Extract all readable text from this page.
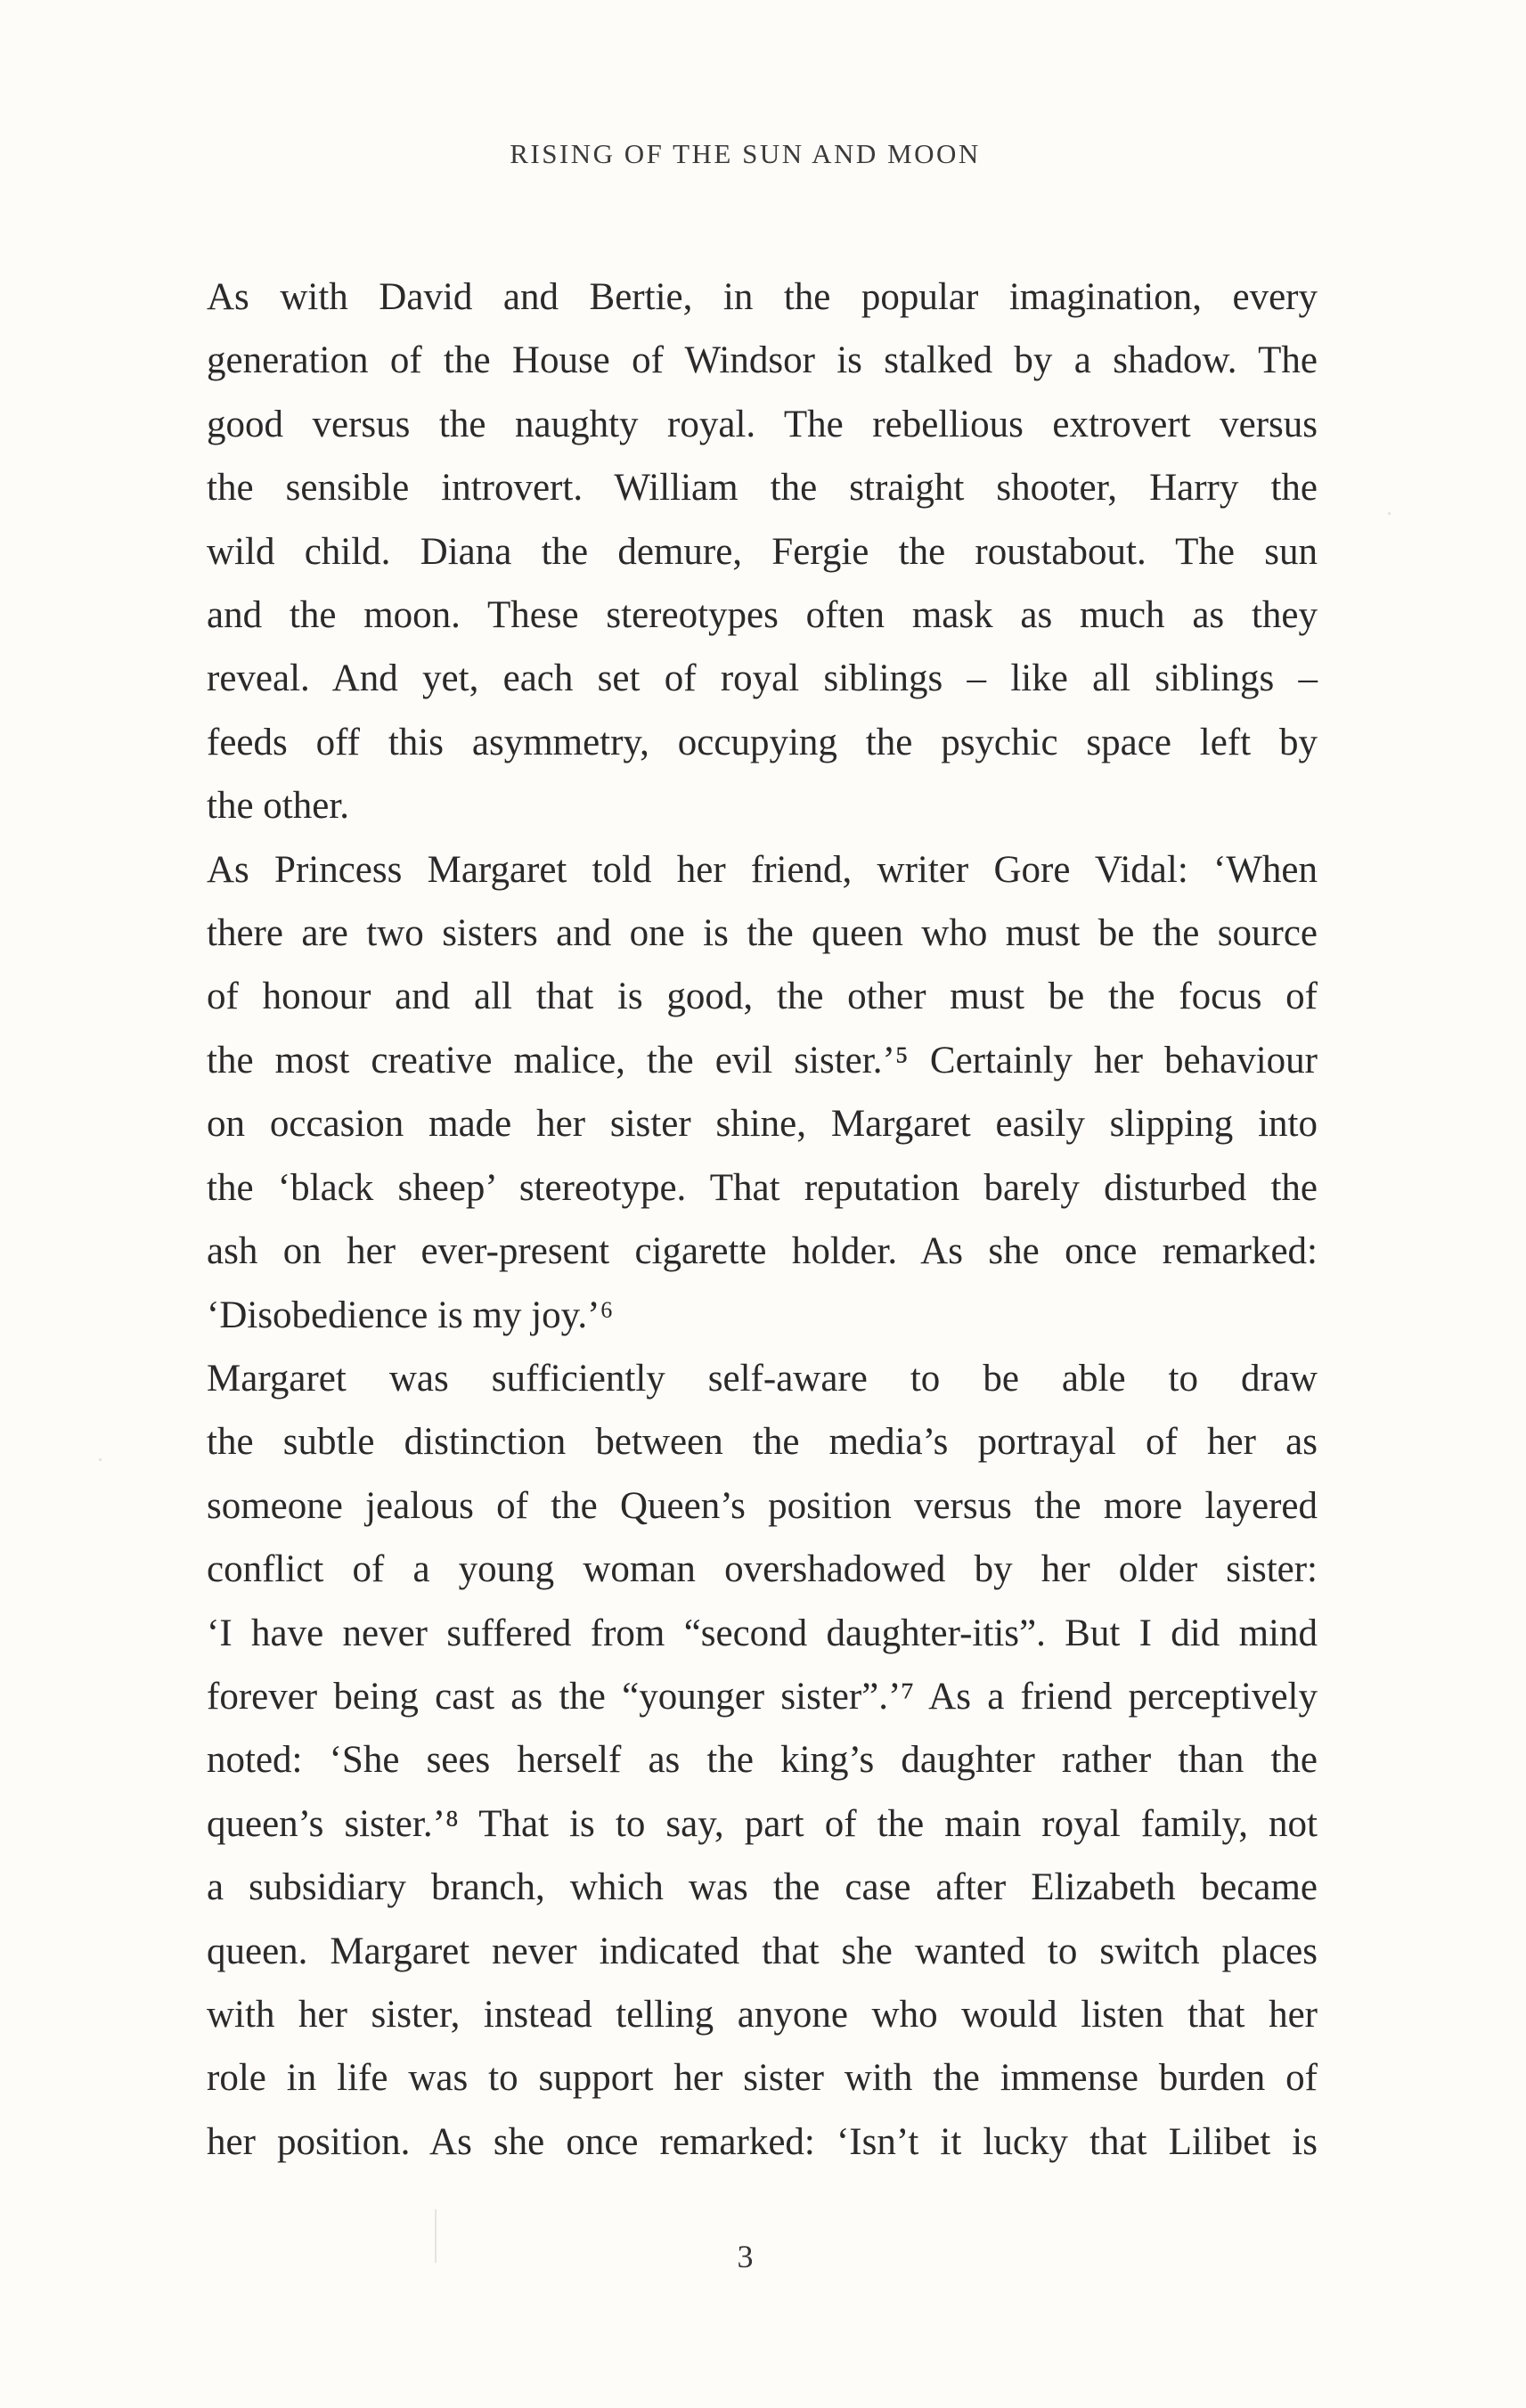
RISING OF THE SUN AND MOON

As with David and Bertie, in the popular imagination, every
generation of the House of Windsor is stalked by a shadow. The
good versus the naughty royal. The rebellious extrovert versus
the sensible introvert. William the straight shooter, Harry the
wild child. Diana the demure, Fergie the roustabout. The sun
and the moon. These stereotypes often mask as much as they
reveal. And yet, each set of royal siblings – like all siblings –
feeds off this asymmetry, occupying the psychic space left by
the other.

As Princess Margaret told her friend, writer Gore Vidal: ‘When
there are two sisters and one is the queen who must be the source
of honour and all that is good, the other must be the focus of
the most creative malice, the evil sister.’⁵ Certainly her behaviour
on occasion made her sister shine, Margaret easily slipping into
the ‘black sheep’ stereotype. That reputation barely disturbed the
ash on her ever-present cigarette holder. As she once remarked:
‘Disobedience is my joy.’⁶

Margaret was sufficiently self-aware to be able to draw
the subtle distinction between the media’s portrayal of her as
someone jealous of the Queen’s position versus the more layered
conflict of a young woman overshadowed by her older sister:
‘I have never suffered from “second daughter-itis”. But I did mind
forever being cast as the “younger sister”.’⁷ As a friend perceptively
noted: ‘She sees herself as the king’s daughter rather than the
queen’s sister.’⁸ That is to say, part of the main royal family, not
a subsidiary branch, which was the case after Elizabeth became
queen. Margaret never indicated that she wanted to switch places
with her sister, instead telling anyone who would listen that her
role in life was to support her sister with the immense burden of
her position. As she once remarked: ‘Isn’t it lucky that Lilibet is

3
